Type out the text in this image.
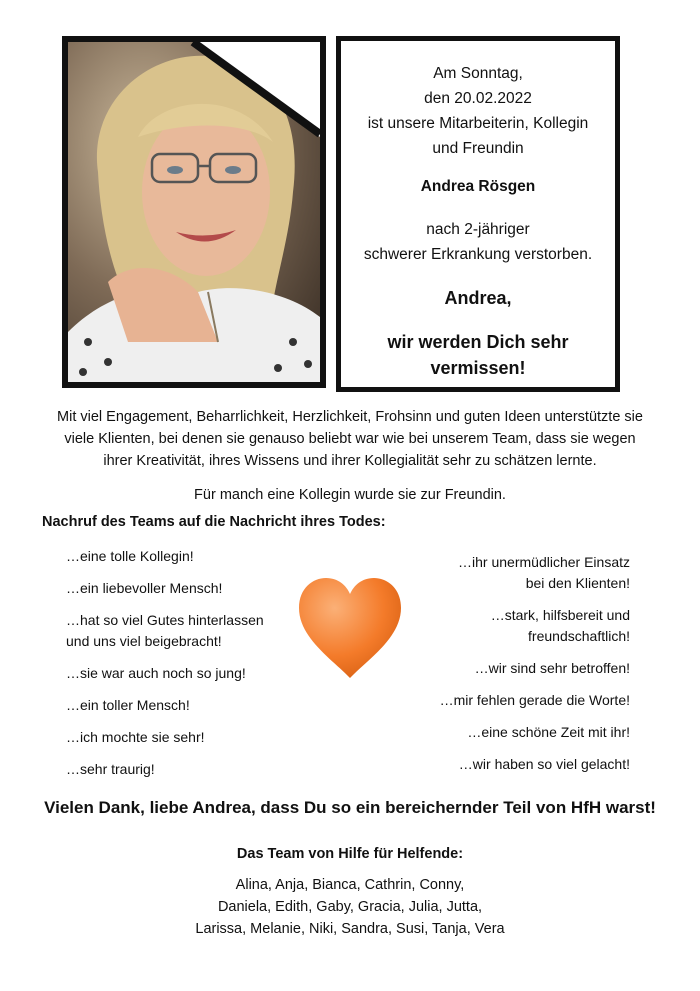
Am Sonntag,
den 20.02.2022
ist unsere Mitarbeiterin, Kollegin
und Freundin
Andrea Rösgen
nach 2-jähriger
schwerer Erkrankung verstorben.
Andrea,
wir werden Dich sehr
vermissen!
Mit viel Engagement, Beharrlichkeit, Herzlichkeit, Frohsinn und guten Ideen unterstützte sie
viele Klienten, bei denen sie genauso beliebt war wie bei unserem Team, dass sie wegen
ihrer Kreativität, ihres Wissens und ihrer Kollegialität sehr zu schätzen lernte.
Für manch eine Kollegin wurde sie zur Freundin.
Nachruf des Teams auf die Nachricht ihres Todes:
…eine tolle Kollegin!
…ein liebevoller Mensch!
…hat so viel Gutes hinterlassen
und uns viel beigebracht!
…sie war auch noch so jung!
…ein toller Mensch!
…ich mochte sie sehr!
…sehr traurig!
…ihr unermüdlicher Einsatz
bei den Klienten!
…stark, hilfsbereit und
freundschaftlich!
…wir sind sehr betroffen!
…mir fehlen gerade die Worte!
…eine schöne Zeit mit ihr!
…wir haben so viel gelacht!
Vielen Dank, liebe Andrea, dass Du so ein bereichernder Teil von HfH warst!
Das Team von Hilfe für Helfende:
Alina, Anja, Bianca, Cathrin, Conny,
Daniela, Edith, Gaby, Gracia, Julia, Jutta,
Larissa, Melanie, Niki, Sandra, Susi, Tanja, Vera
